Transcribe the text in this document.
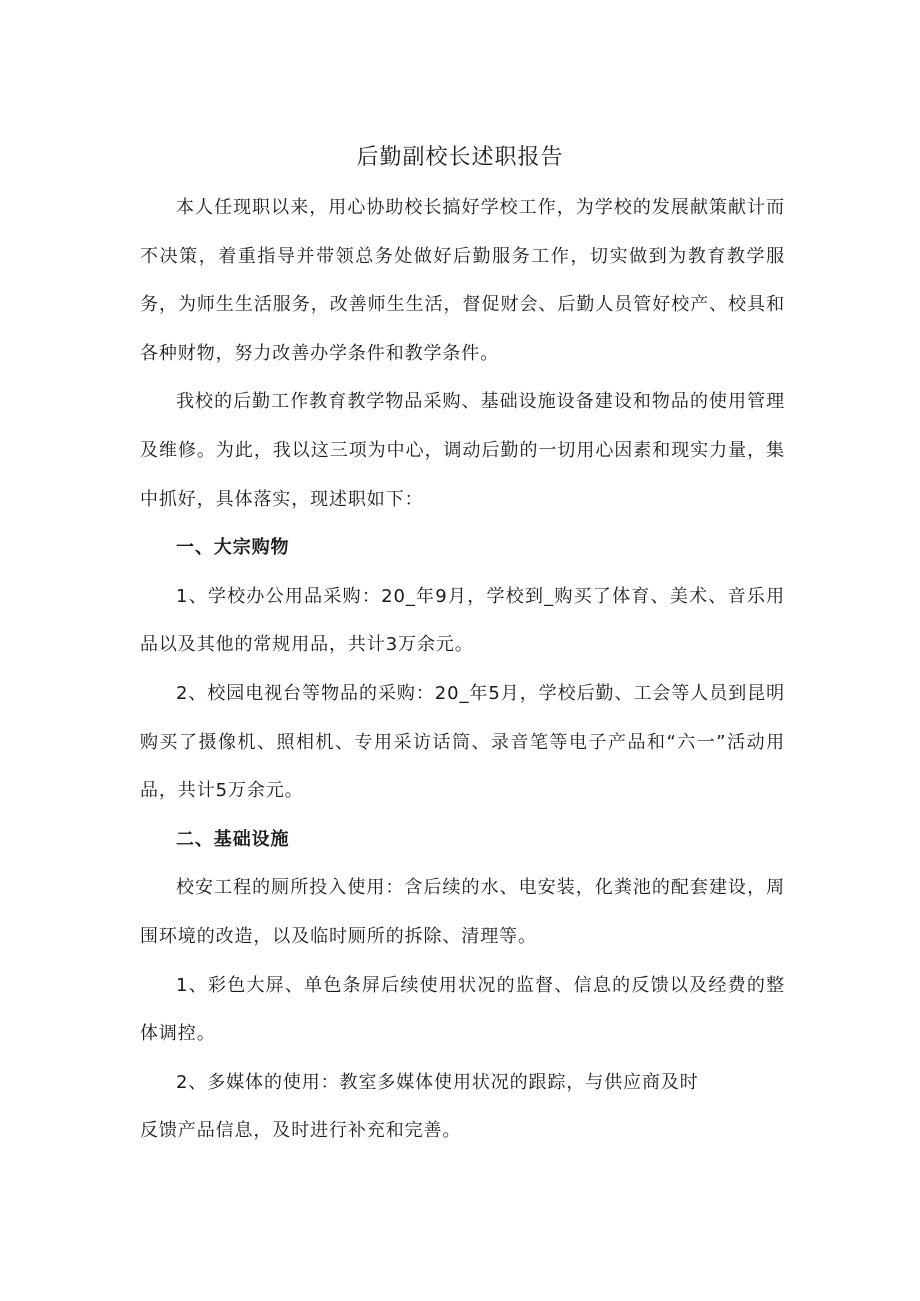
后勤副校长述职报告

本人任现职以来，用心协助校长搞好学校工作，为学校的发展献策献计而不决策，着重指导并带领总务处做好后勤服务工作，切实做到为教育教学服务，为师生生活服务，改善师生生活，督促财会、后勤人员管好校产、校具和各种财物，努力改善办学条件和教学条件。

我校的后勤工作教育教学物品采购、基础设施设备建设和物品的使用管理及维修。为此，我以这三项为中心，调动后勤的一切用心因素和现实力量，集中抓好，具体落实，现述职如下：

一、大宗购物

1、学校办公用品采购：20_年9月，学校到_购买了体育、美术、音乐用品以及其他的常规用品，共计3万余元。

2、校园电视台等物品的采购：20_年5月，学校后勤、工会等人员到昆明购买了摄像机、照相机、专用采访话筒、录音笔等电子产品和“六一”活动用品，共计5万余元。

二、基础设施

校安工程的厕所投入使用：含后续的水、电安装，化粪池的配套建设，周围环境的改造，以及临时厕所的拆除、清理等。

1、彩色大屏、单色条屏后续使用状况的监督、信息的反馈以及经费的整体调控。

2、多媒体的使用：教室多媒体使用状况的跟踪，与供应商及时

反馈产品信息，及时进行补充和完善。
